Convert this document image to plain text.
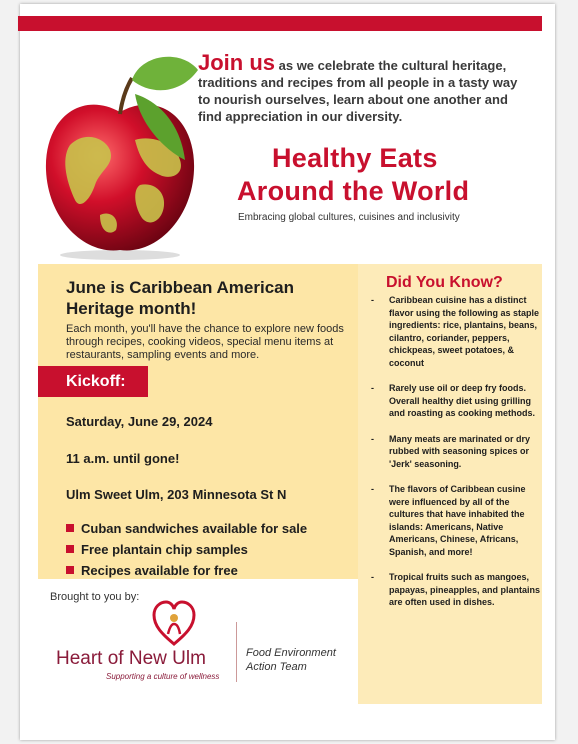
Join us as we celebrate the cultural heritage, traditions and recipes from all people in a tasty way to nourish ourselves, learn about one another and find appreciation in our diversity.
Healthy Eats
Around the World
Embracing global cultures, cuisines and inclusivity
June is Caribbean American Heritage month!
Each month, you'll have the chance to explore new foods through recipes, cooking videos, special menu items at restaurants, sampling events and more.
Kickoff:
Saturday, June 29, 2024
11 a.m. until gone!
Ulm Sweet Ulm, 203 Minnesota St N
Cuban sandwiches available for sale
Free plantain chip samples
Recipes available for free
Brought to you by:
Heart of New Ulm
Supporting a culture of wellness
Food Environment Action Team
Did You Know?
- Caribbean cuisine has a distinct flavor using the following as staple ingredients: rice, plantains, beans, cilantro, coriander, peppers, chickpeas, sweet potatoes, & coconut
- Rarely use oil or deep fry foods. Overall healthy diet using grilling and roasting as cooking methods.
- Many meats are marinated or dry rubbed with seasoning spices or 'Jerk' seasoning.
- The flavors of Caribbean cusine were influenced by all of the cultures that have inhabited the islands: Americans, Native Americans, Chinese, Africans, Spanish, and more!
- Tropical fruits such as mangoes, papayas, pineapples, and plantains are often used in dishes.
